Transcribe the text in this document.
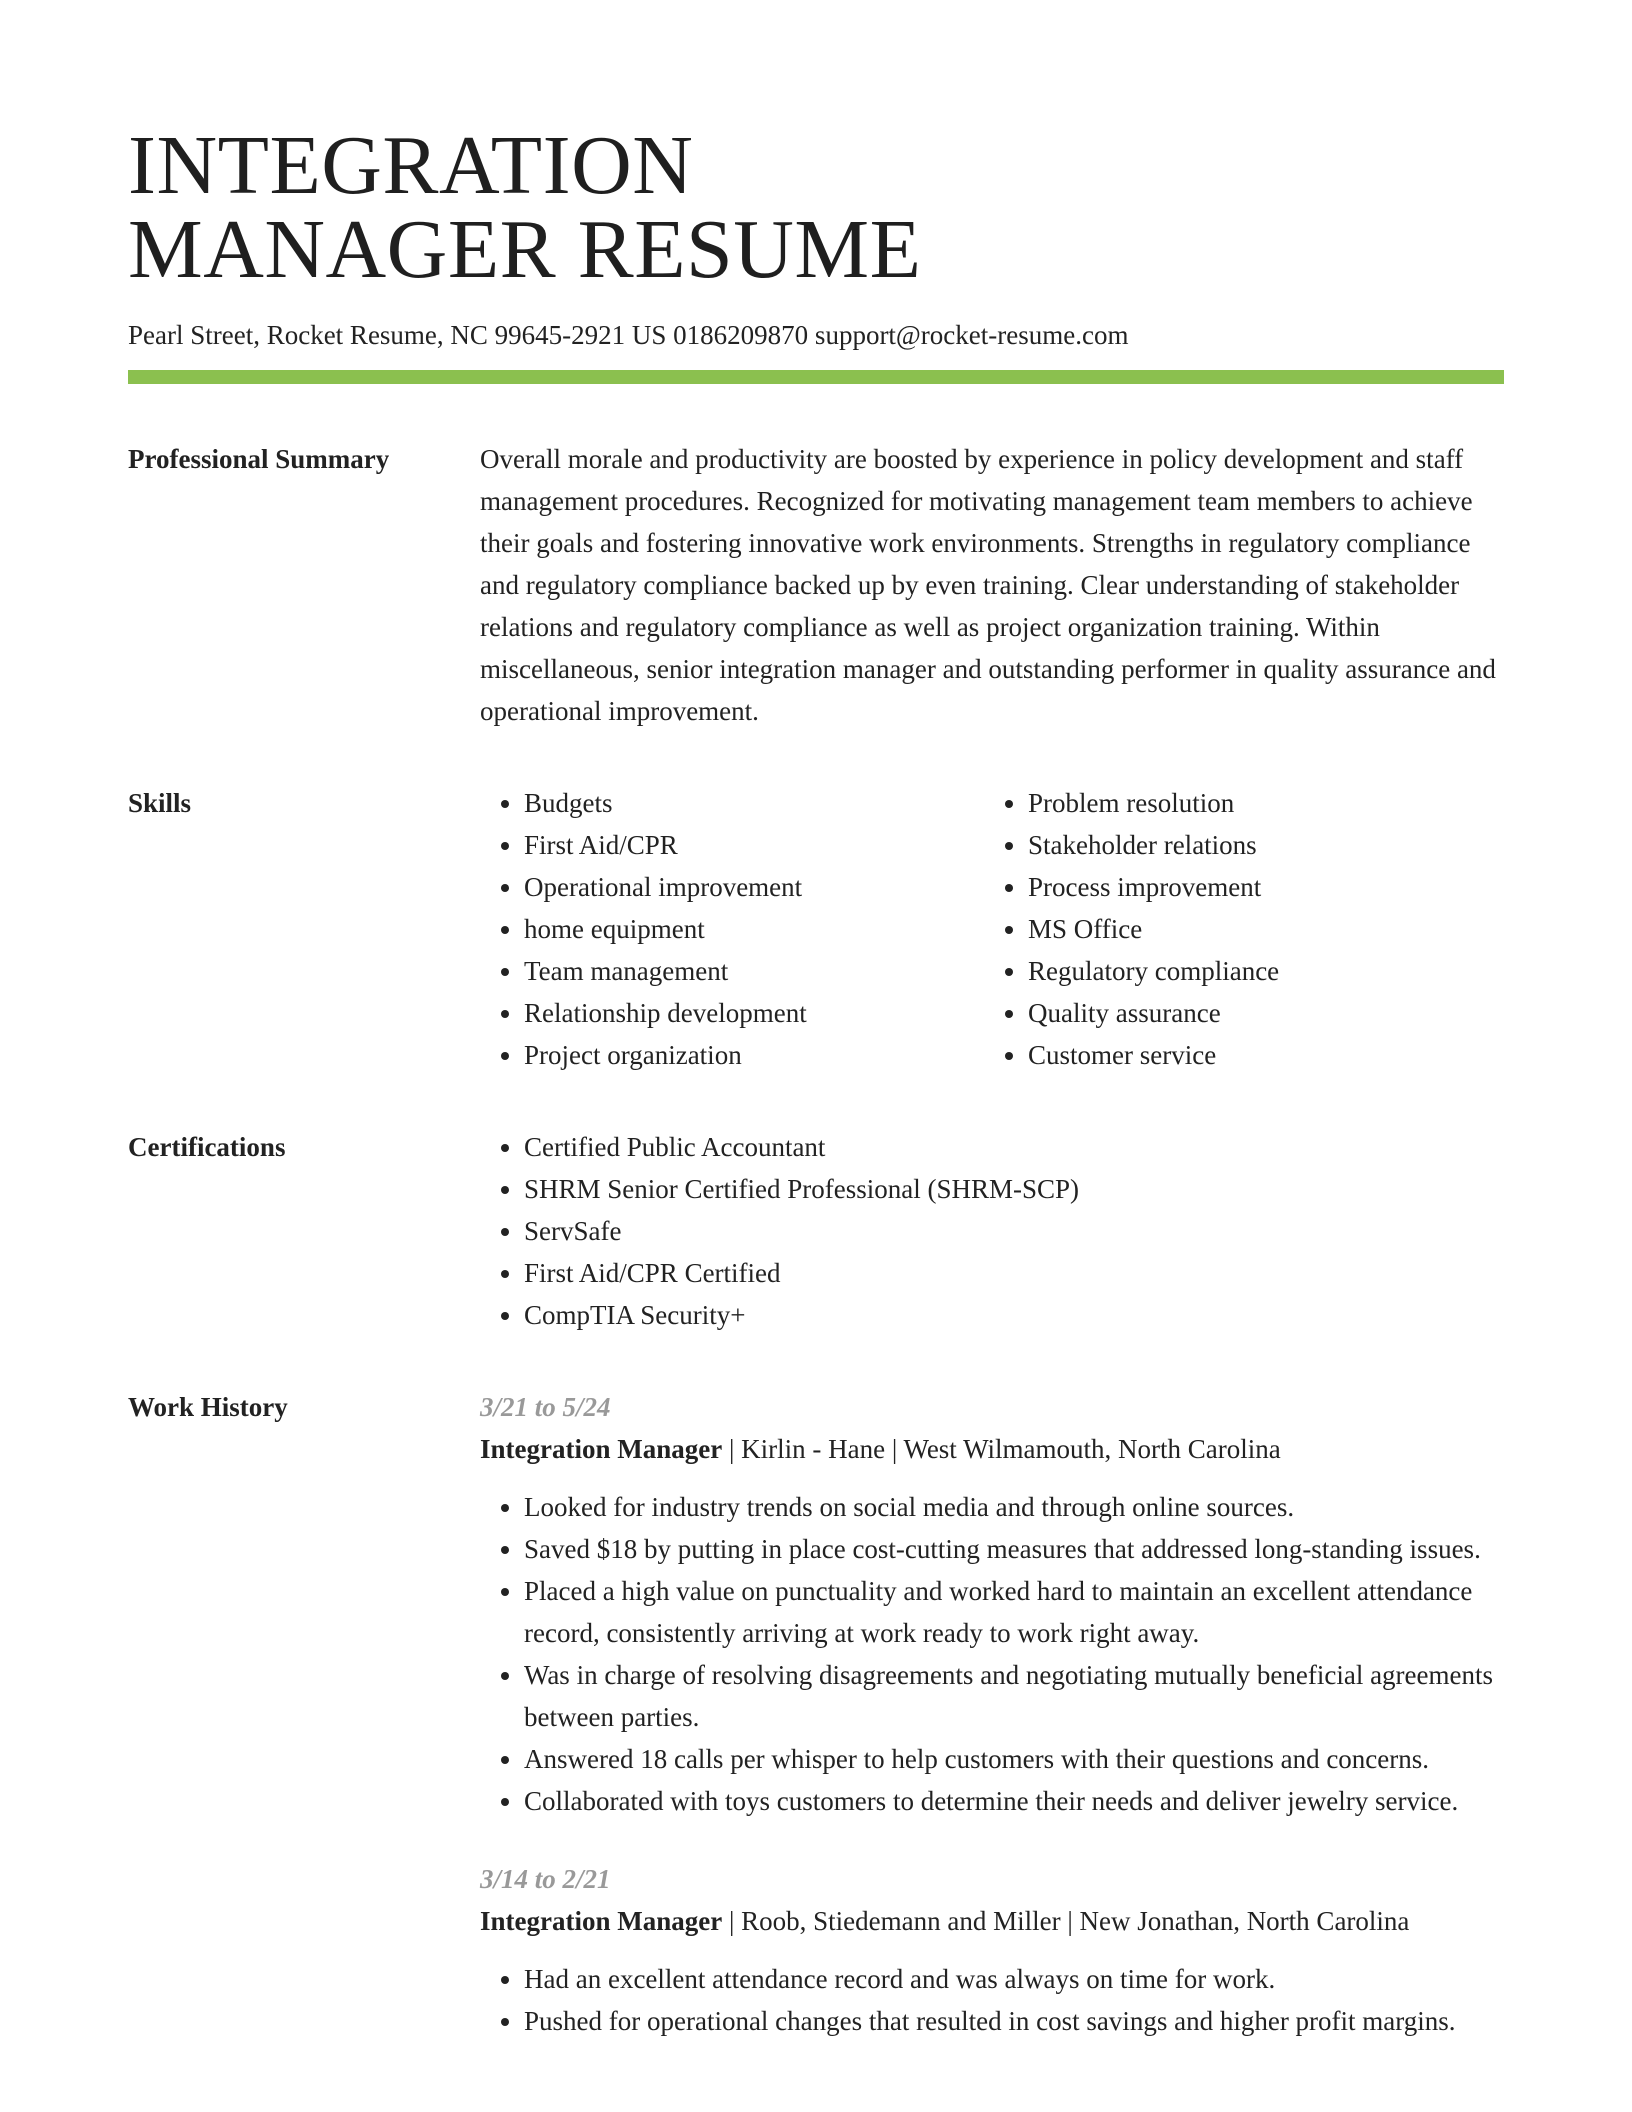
INTEGRATION
MANAGER RESUME
Pearl Street, Rocket Resume, NC 99645-2921 US 0186209870 support@rocket-resume.com
Professional Summary	Overall morale and productivity are boosted by experience in policy development and staff management procedures. Recognized for motivating management team members to achieve their goals and fostering innovative work environments. Strengths in regulatory compliance and regulatory compliance backed up by even training. Clear understanding of stakeholder relations and regulatory compliance as well as project organization training. Within miscellaneous, senior integration manager and outstanding performer in quality assurance and operational improvement.

Skills	• Budgets
• First Aid/CPR
• Operational improvement
• home equipment
• Team management
• Relationship development
• Project organization
• Problem resolution
• Stakeholder relations
• Process improvement
• MS Office
• Regulatory compliance
• Quality assurance
• Customer service
Certifications	• Certified Public Accountant
• SHRM Senior Certified Professional (SHRM-SCP)
• ServSafe
• First Aid/CPR Certified
• CompTIA Security+
Work History	3/21 to 5/24
Integration Manager | Kirlin - Hane | West Wilmamouth, North Carolina
• Looked for industry trends on social media and through online sources.
• Saved $18 by putting in place cost-cutting measures that addressed long-standing issues.
• Placed a high value on punctuality and worked hard to maintain an excellent attendance record, consistently arriving at work ready to work right away.
• Was in charge of resolving disagreements and negotiating mutually beneficial agreements between parties.
• Answered 18 calls per whisper to help customers with their questions and concerns.
• Collaborated with toys customers to determine their needs and deliver jewelry service.
3/14 to 2/21
Integration Manager | Roob, Stiedemann and Miller | New Jonathan, North Carolina
• Had an excellent attendance record and was always on time for work.
• Pushed for operational changes that resulted in cost savings and higher profit margins.
